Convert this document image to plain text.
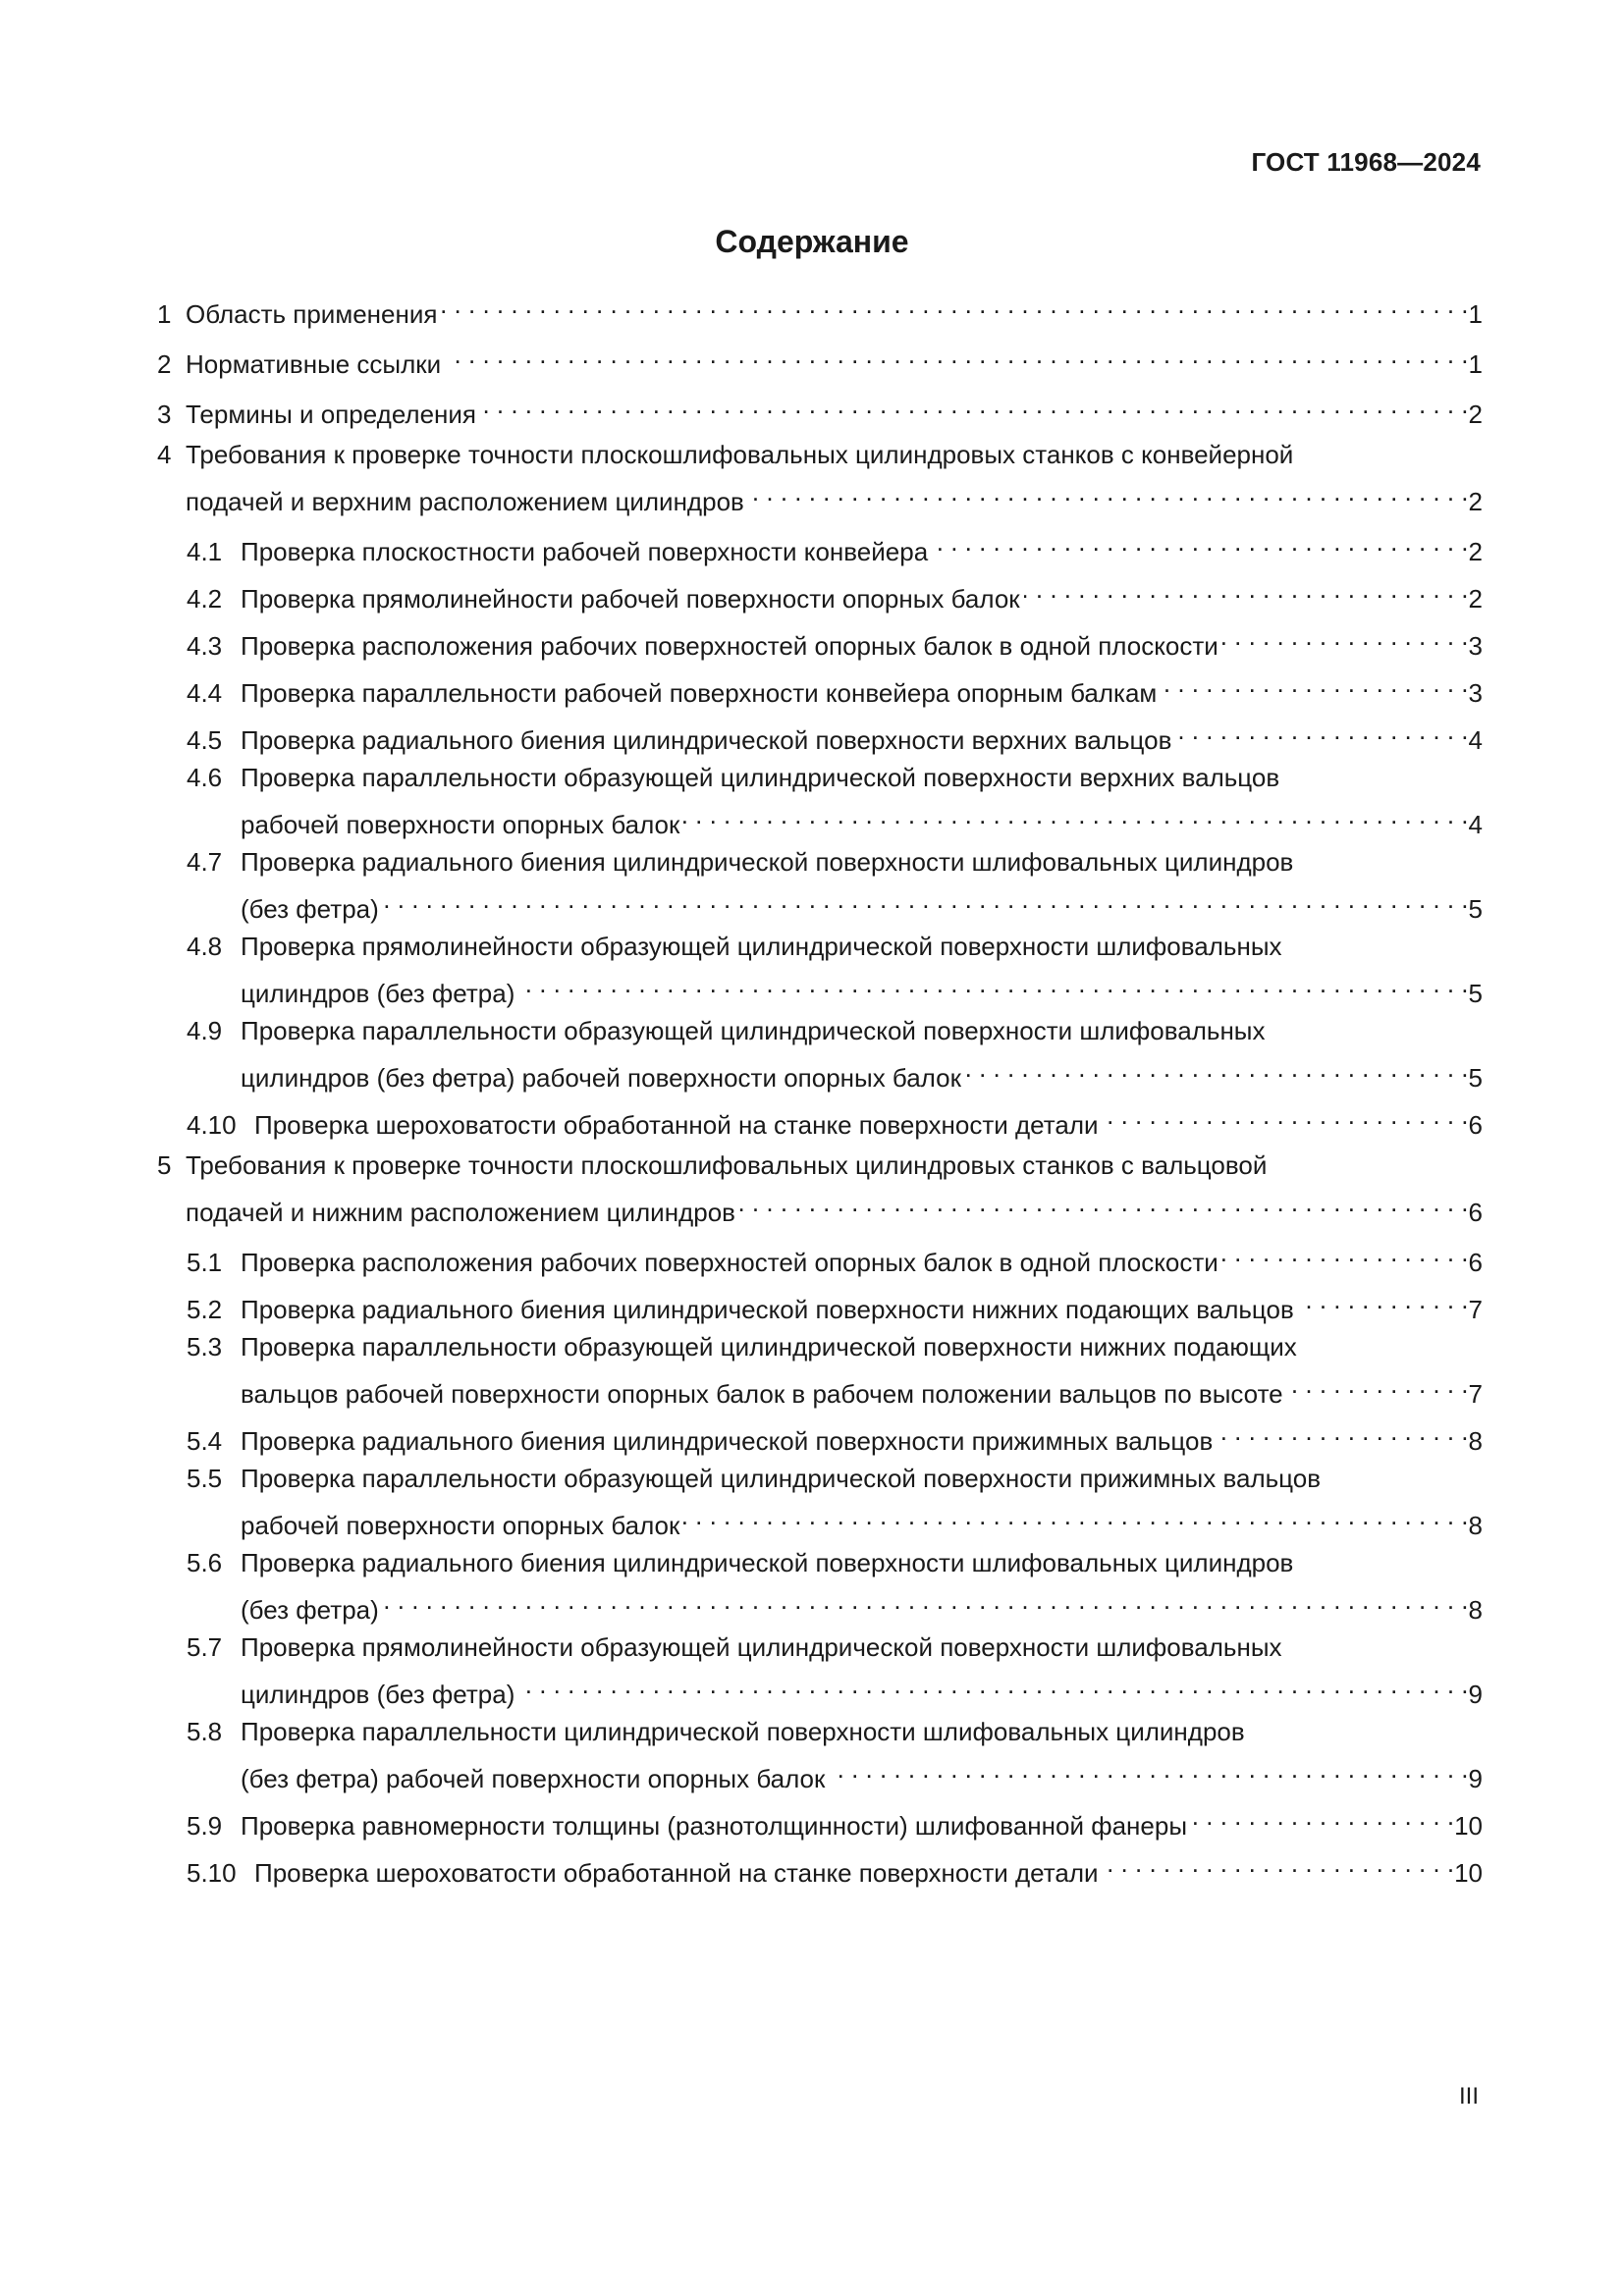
ГОСТ 11968—2024
Содержание
1 Область применения . . .	1
2 Нормативные ссылки . . .	1
3 Термины и определения . . .	2
4 Требования к проверке точности плоскошлифовальных цилиндровых станков с конвейерной
подачей и верхним расположением цилиндров . . .	2
4.1 Проверка плоскостности рабочей поверхности конвейера . . .	2
4.2 Проверка прямолинейности рабочей поверхности опорных балок . . .	2
4.3 Проверка расположения рабочих поверхностей опорных балок в одной плоскости . . .	3
4.4 Проверка параллельности рабочей поверхности конвейера опорным балкам . . .	3
4.5 Проверка радиального биения цилиндрической поверхности верхних вальцов . . .	4
4.6 Проверка параллельности образующей цилиндрической поверхности верхних вальцов
рабочей поверхности опорных балок . . .	4
4.7 Проверка радиального биения цилиндрической поверхности шлифовальных цилиндров
(без фетра) . . .	5
4.8 Проверка прямолинейности образующей цилиндрической поверхности шлифовальных
цилиндров (без фетра) . . .	5
4.9 Проверка параллельности образующей цилиндрической поверхности шлифовальных
цилиндров (без фетра) рабочей поверхности опорных балок . . .	5
4.10 Проверка шероховатости обработанной на станке поверхности детали . . .	6
5 Требования к проверке точности плоскошлифовальных цилиндровых станков с вальцовой
подачей и нижним расположением цилиндров . . .	6
5.1 Проверка расположения рабочих поверхностей опорных балок в одной плоскости . . .	6
5.2 Проверка радиального биения цилиндрической поверхности нижних подающих вальцов . . .	7
5.3 Проверка параллельности образующей цилиндрической поверхности нижних подающих
вальцов рабочей поверхности опорных балок в рабочем положении вальцов по высоте . . .	7
5.4 Проверка радиального биения цилиндрической поверхности прижимных вальцов . . .	8
5.5 Проверка параллельности образующей цилиндрической поверхности прижимных вальцов
рабочей поверхности опорных балок . . .	8
5.6 Проверка радиального биения цилиндрической поверхности шлифовальных цилиндров
(без фетра) . . .	8
5.7 Проверка прямолинейности образующей цилиндрической поверхности шлифовальных
цилиндров (без фетра) . . .	9
5.8 Проверка параллельности цилиндрической поверхности шлифовальных цилиндров
(без фетра) рабочей поверхности опорных балок . . .	9
5.9 Проверка равномерности толщины (разнотолщинности) шлифованной фанеры . . .	10
5.10 Проверка шероховатости обработанной на станке поверхности детали . . .	10
III
